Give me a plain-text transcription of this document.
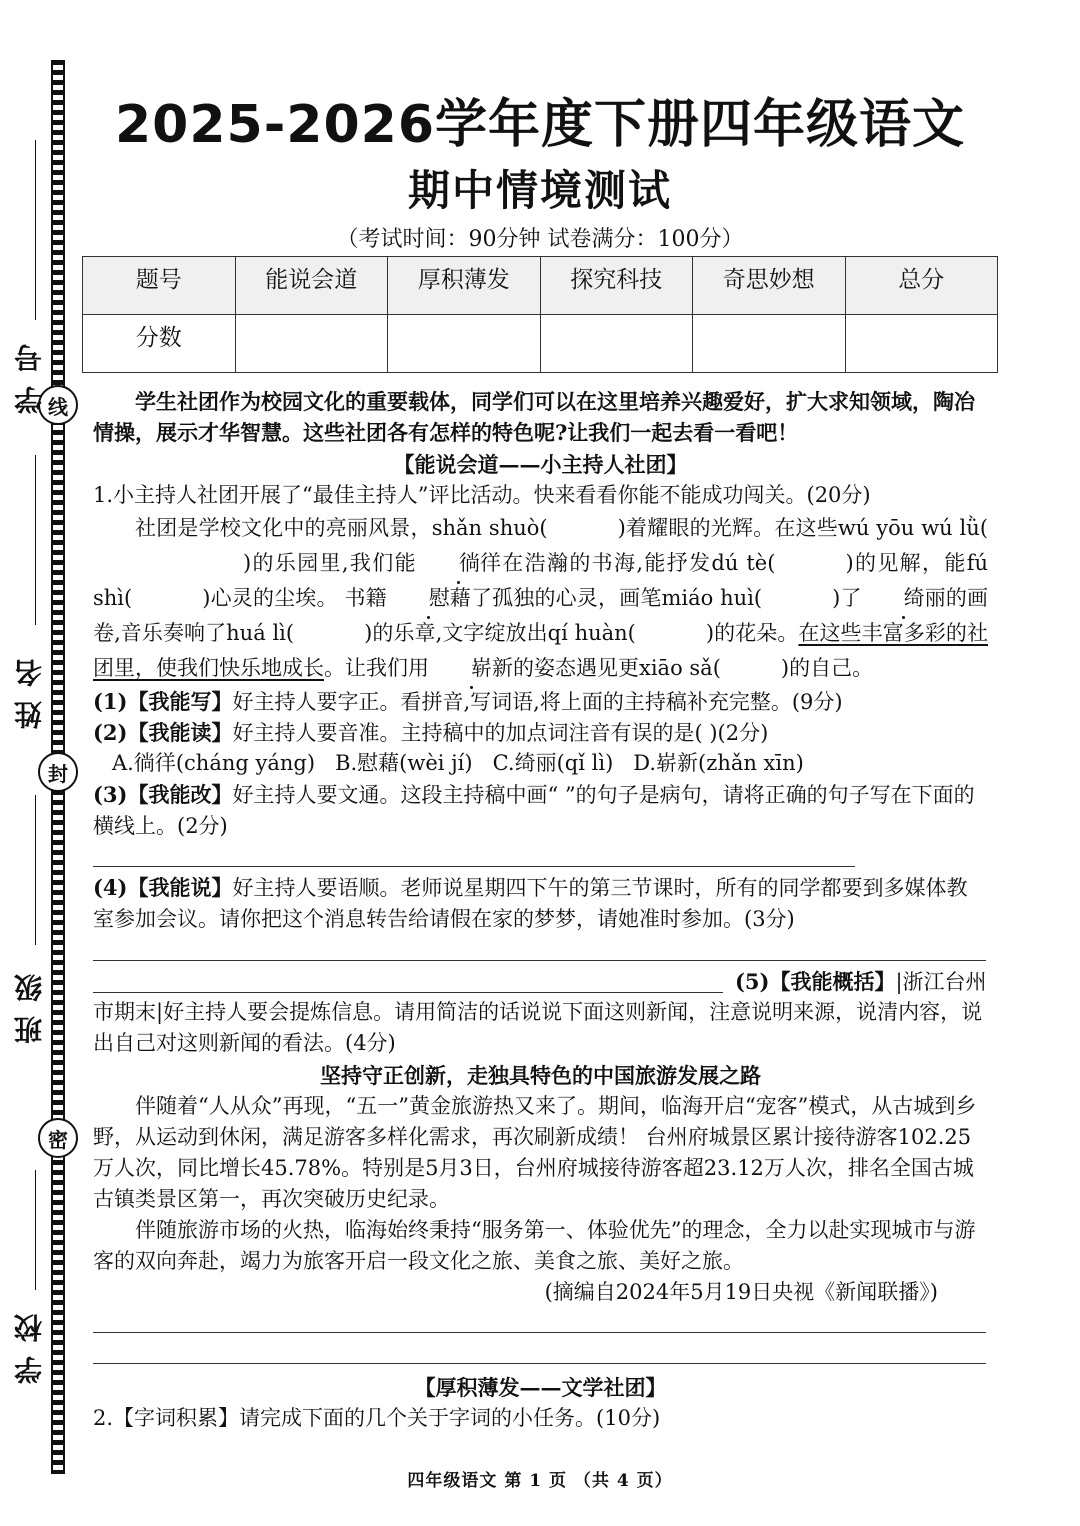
线
封
密
学号
姓名
班级
学校
2025-2026学年度下册四年级语文
期中情境测试
（考试时间：90分钟 试卷满分：100分）
题号	能说会道	厚积薄发	探究科技	奇思妙想	总分
分数					
学生社团作为校园文化的重要载体，同学们可以在这里培养兴趣爱好，扩大求知领域，陶冶情操，展示才华智慧。这些社团各有怎样的特色呢?让我们一起去看一看吧！
【能说会道——小主持人社团】
1.小主持人社团开展了“最佳主持人”评比活动。快来看看你能不能成功闯关。(20分)
社团是学校文化中的亮丽风景，shǎn shuò(	)着耀眼的光辉。在这些wú yōu wú lǜ()的乐园里,我们能 徜徉在浩瀚的书海,能抒发dú tè(	)的见解，能fú shì(	)心灵的尘埃。 书籍 慰藉了孤独的心灵，画笔miáo huì(	)了 绮丽的画卷,音乐奏响了huá lì(	)的乐章,文字绽放出qí huàn(	)的花朵。在这些丰富多彩的社团里，使我们快乐地成长。让我们用 崭新的姿态遇见更xiāo sǎ(	)的自己。
(1)【我能写】好主持人要字正。看拼音,写词语,将上面的主持稿补充完整。(9分)
(2)【我能读】好主持人要音准。主持稿中的加点词注音有误的是( )(2分)
A.徜徉(cháng yáng) B.慰藉(wèi jí) C.绮丽(qǐ lì) D.崭新(zhǎn xīn)
(3)【我能改】好主持人要文通。这段主持稿中画“ ”的句子是病句，请将正确的句子写在下面的横线上。(2分)
(4)【我能说】好主持人要语顺。老师说星期四下午的第三节课时，所有的同学都要到多媒体教室参加会议。请你把这个消息转告给请假在家的梦梦，请她准时参加。(3分)
(5)【我能概括】|浙江台州
市期末|好主持人要会提炼信息。请用简洁的话说说下面这则新闻，注意说明来源，说清内容，说出自己对这则新闻的看法。(4分)
坚持守正创新，走独具特色的中国旅游发展之路
伴随着“人从众”再现，“五一”黄金旅游热又来了。期间，临海开启“宠客”模式，从古城到乡野，从运动到休闲，满足游客多样化需求，再次刷新成绩！ 台州府城景区累计接待游客102.25万人次，同比增长45.78%。特别是5月3日，台州府城接待游客超23.12万人次，排名全国古城古镇类景区第一，再次突破历史纪录。
伴随旅游市场的火热，临海始终秉持“服务第一、体验优先”的理念，全力以赴实现城市与游客的双向奔赴，竭力为旅客开启一段文化之旅、美食之旅、美好之旅。
(摘编自2024年5月19日央视《新闻联播》)
【厚积薄发——文学社团】
2.【字词积累】请完成下面的几个关于字词的小任务。(10分)
四年级语文 第 1 页 （共 4 页）
